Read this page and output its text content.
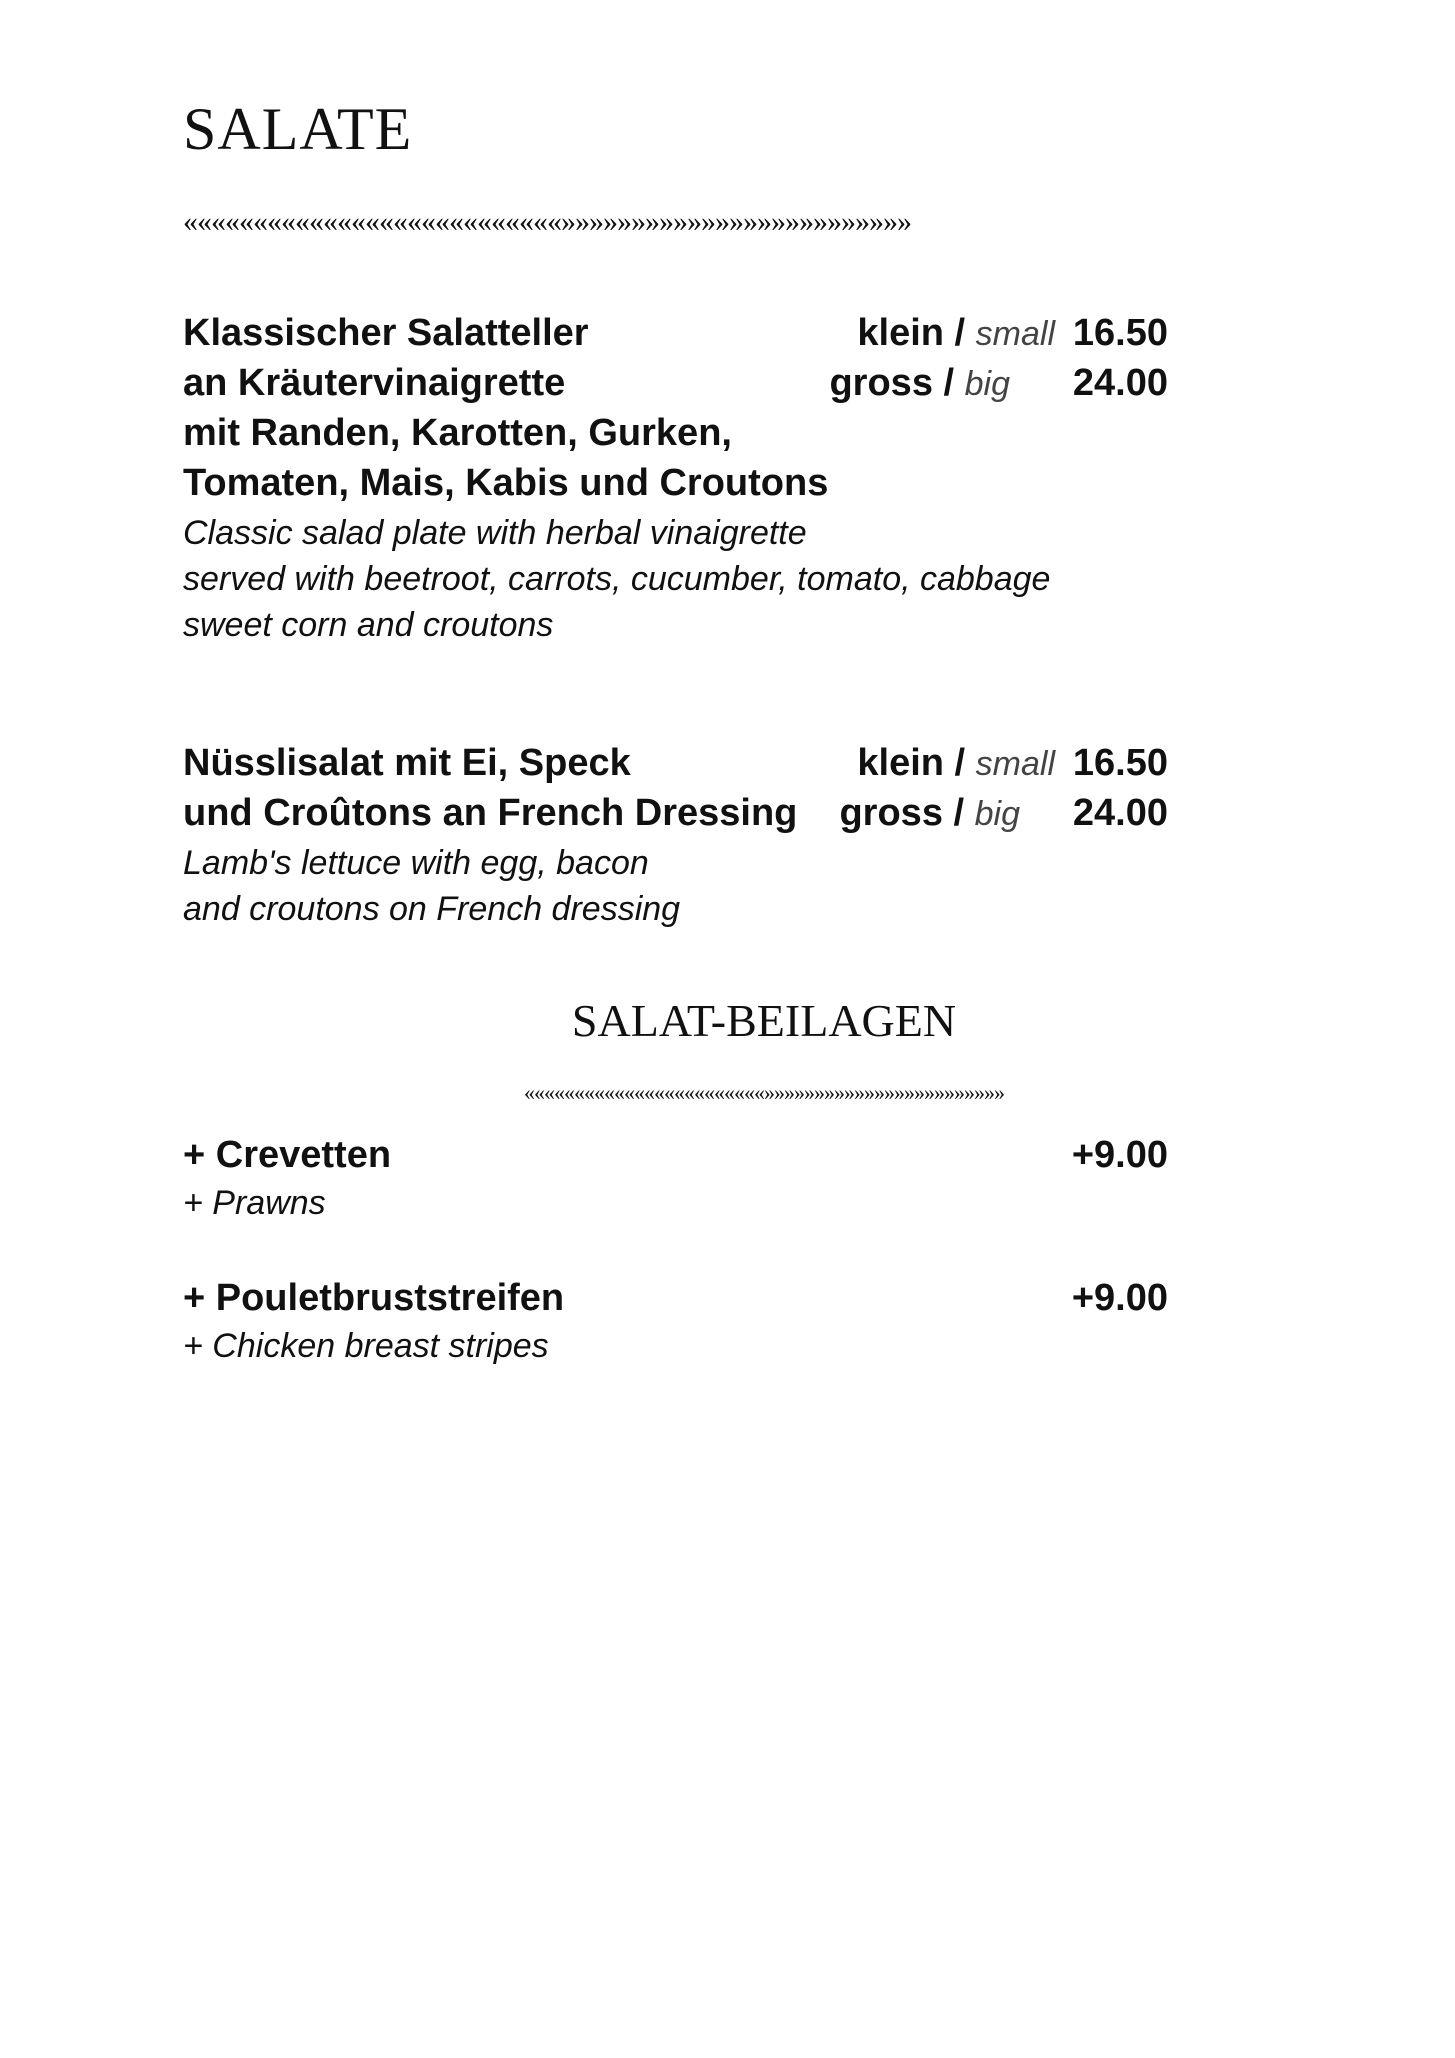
SALATE
«««««««««««««««««««««««««««»»»»»»»»»»»»»»»»»»»»»»»»»
Klassischer Salatteller
an Kräutervinaigrette
mit Randen, Karotten, Gurken,
Tomaten, Mais, Kabis und Croutons
Classic salad plate with herbal vinaigrette
served with beetroot, carrots, cucumber, tomato, cabbage
sweet corn and croutons
klein / small 16.50
gross / big 24.00
Nüsslisalat mit Ei, Speck
und Croûtons an French Dressing
Lamb's lettuce with egg, bacon
and croutons on French dressing
klein / small 16.50
gross / big 24.00
SALAT-BEILAGEN
««««««««««««««««««««««««»»»»»»»»»»»»»»»»»»»»»»»»
+ Crevetten
+ Prawns
+9.00
+ Pouletbruststreifen
+ Chicken breast stripes
+9.00
